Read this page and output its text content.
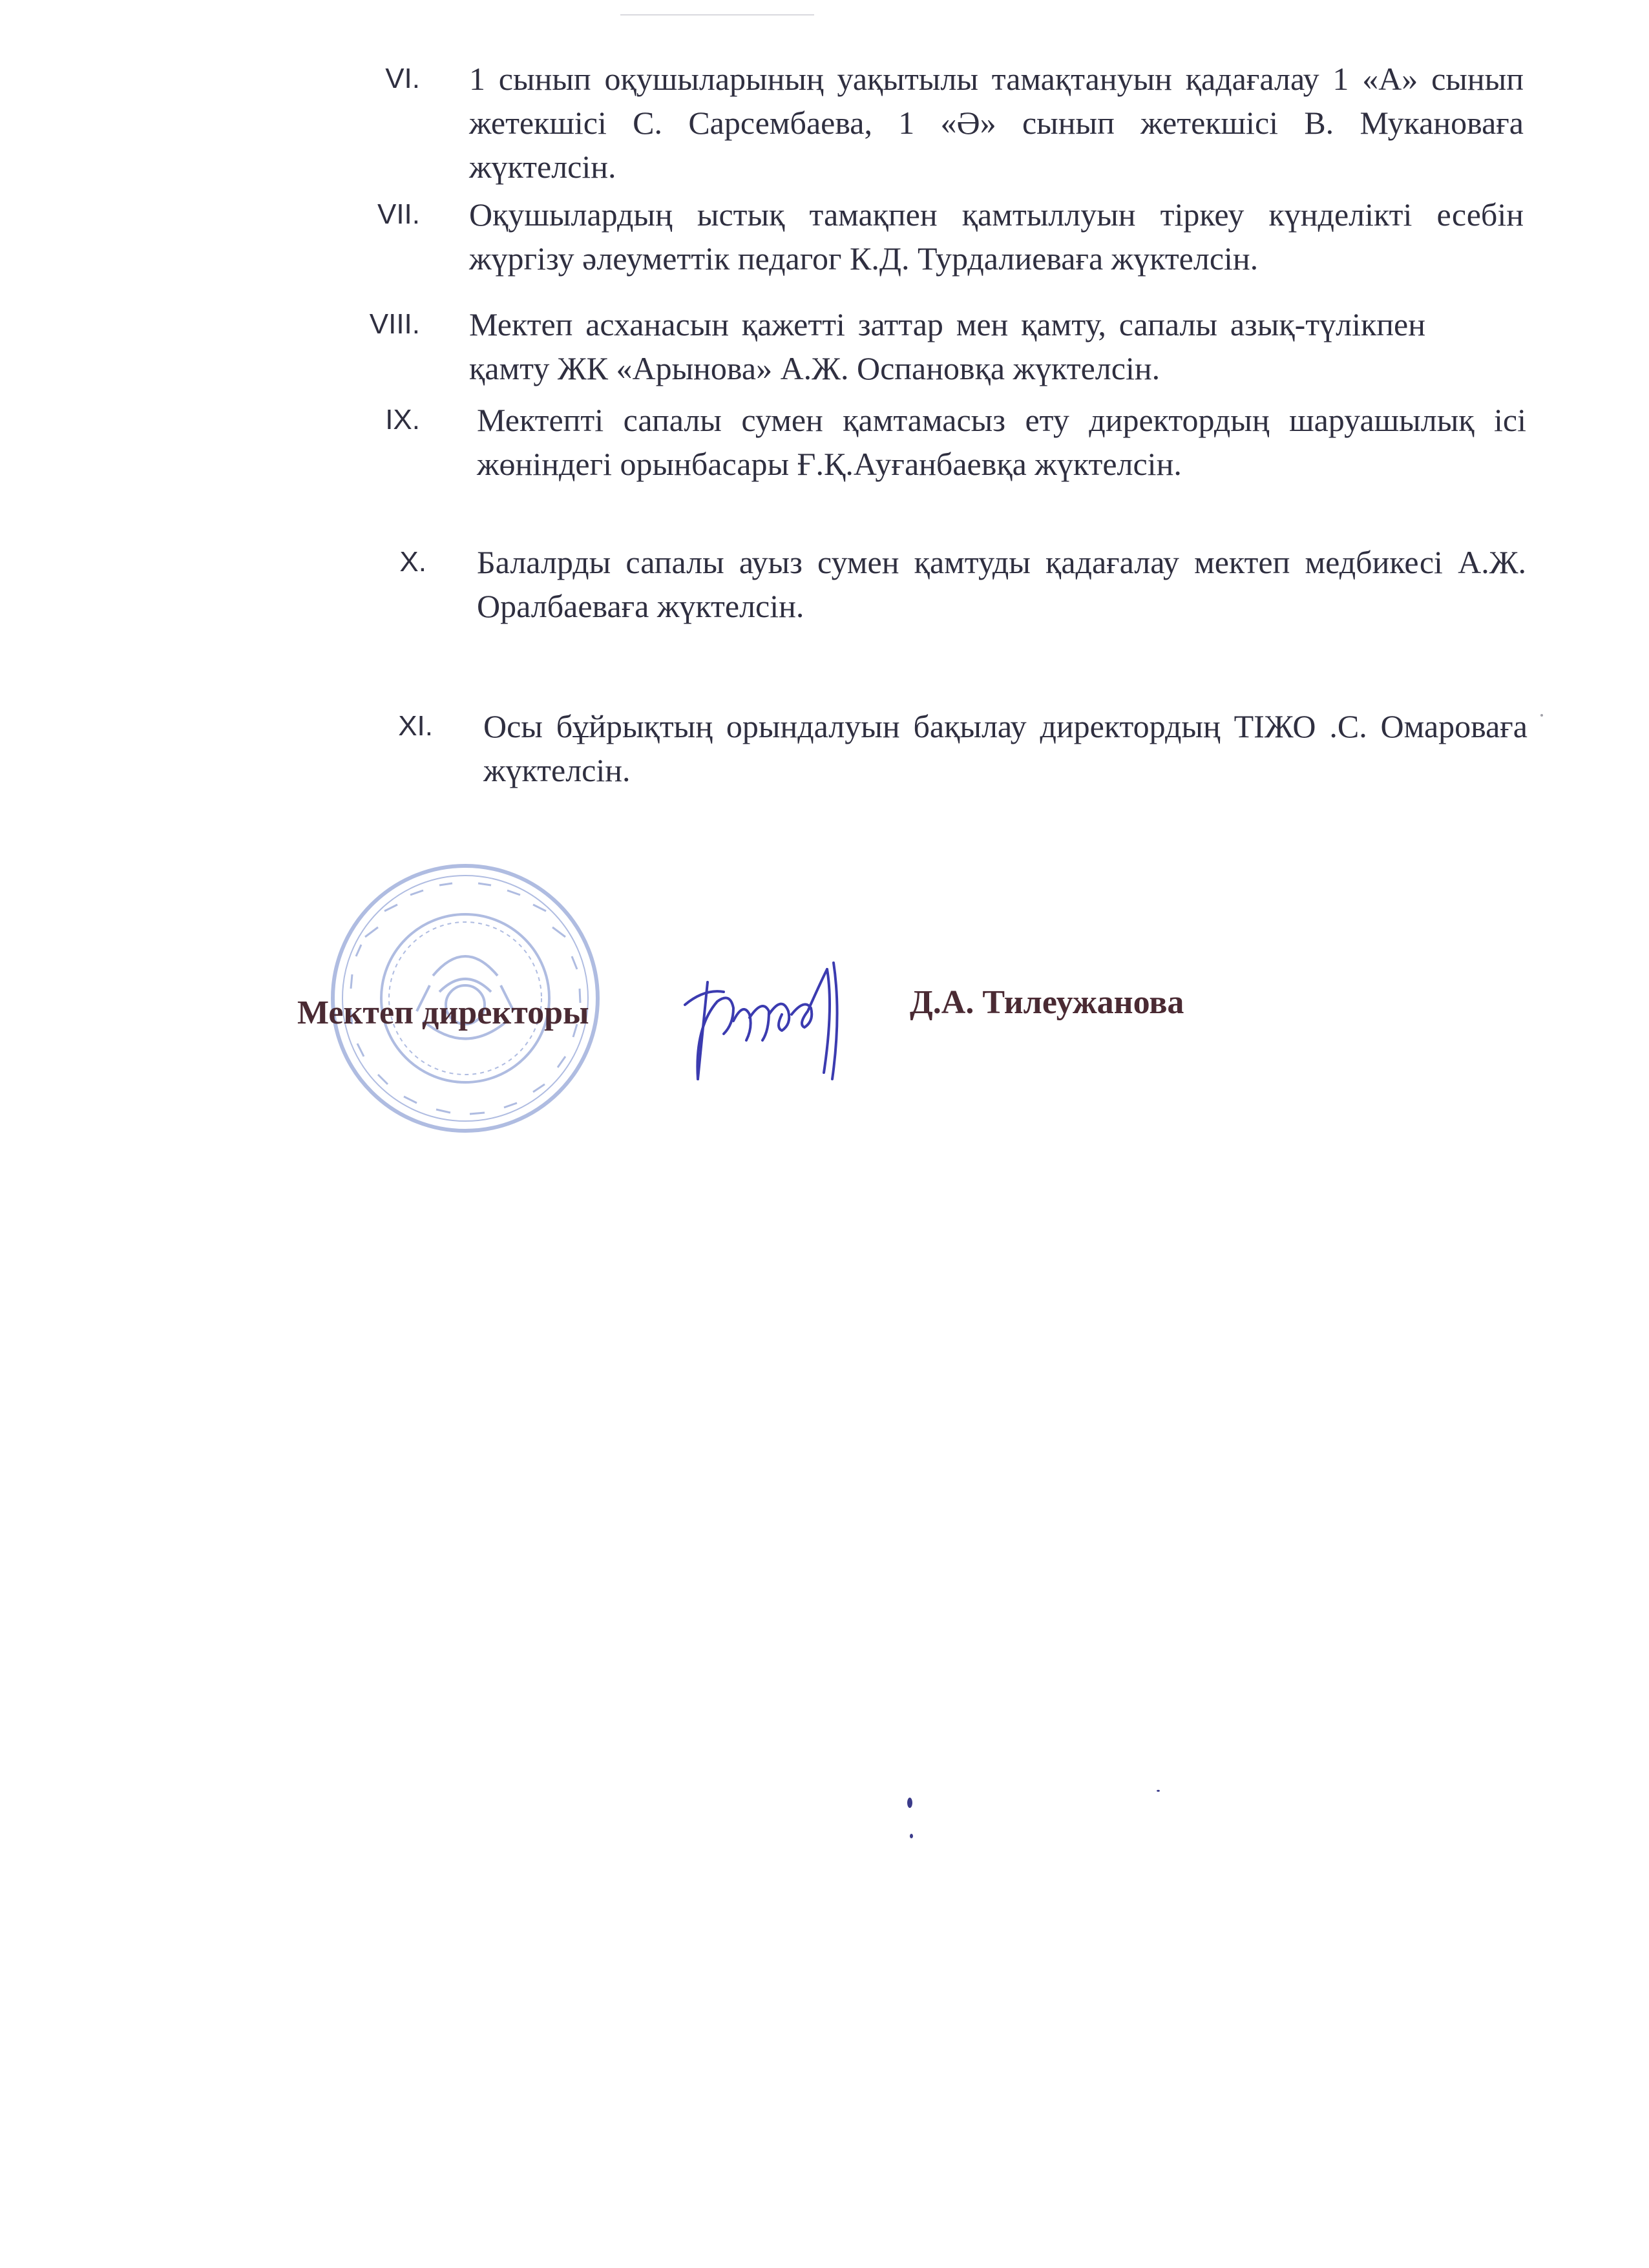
VI. 1 сынып оқушыларының уақытылы тамақтануын қадағалау 1 «А» сынып жетекшісі С. Сарсембаева, 1 «Ә» сынып жетекшісі В. Мукановаға жүктелсін.
VII. Оқушылардың ыстық тамақпен қамтыллуын тіркеу күнделікті есебін жүргізу әлеуметтік педагог К.Д. Турдалиеваға жүктелсін.
VIII. Мектеп асханасын қажетті заттар мен қамту, сапалы азық-түлікпен қамту ЖК «Арынова» А.Ж. Оспановқа жүктелсін.
IX. Мектепті сапалы сумен қамтамасыз ету директордың шаруашылық ісі жөніндегі орынбасары Ғ.Қ.Ауғанбаевқа жүктелсін.
X. Балалрды сапалы ауыз сумен қамтуды қадағалау мектеп медбикесі А.Ж. Оралбаеваға жүктелсін.
XI. Осы бұйрықтың орындалуын бақылау директордың ТІЖО .С. Омароваға жүктелсін.
Мектеп директоры	Д.А. Тилеужанова
